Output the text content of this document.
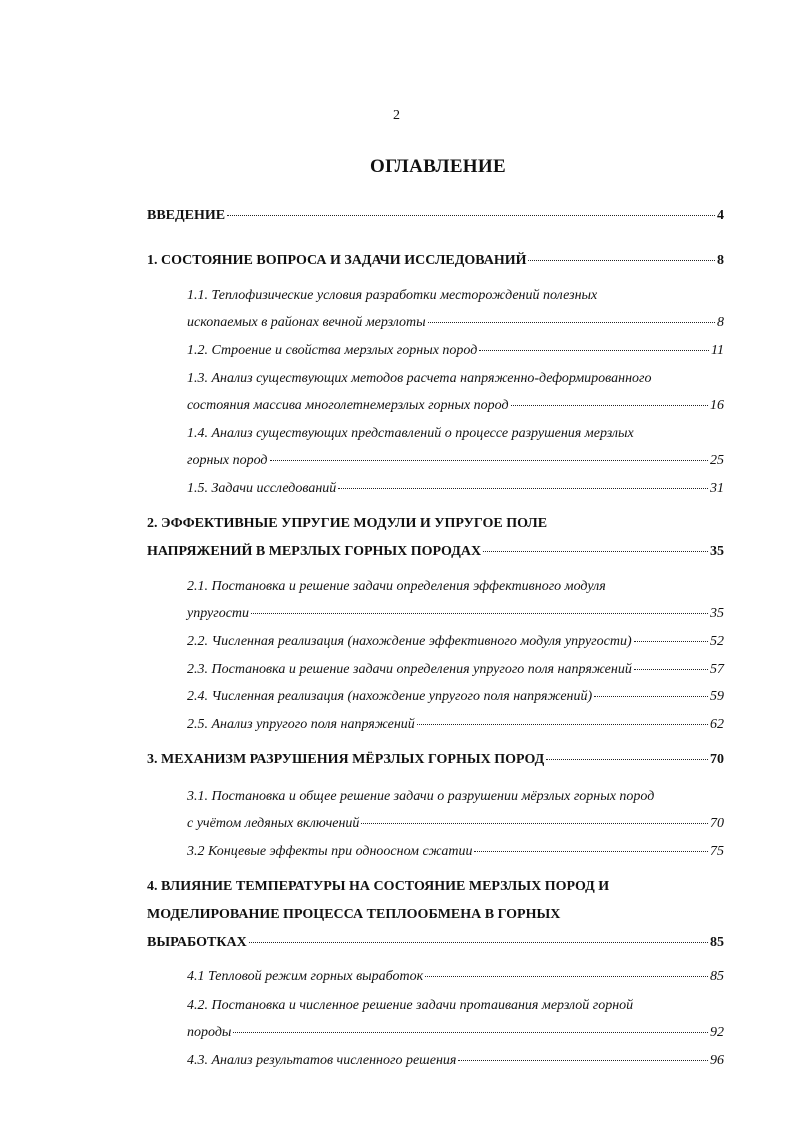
2
ОГЛАВЛЕНИЕ
ВВЕДЕНИЕ	4
1. СОСТОЯНИЕ ВОПРОСА И ЗАДАЧИ ИССЛЕДОВАНИЙ	8
1.1. Теплофизические условия разработки месторождений полезных
ископаемых в районах вечной мерзлоты	8
1.2. Строение и свойства мерзлых горных пород	11
1.3. Анализ существующих методов расчета напряженно-деформированного
состояния массива многолетнемерзлых горных пород	16
1.4. Анализ существующих представлений о процессе разрушения мерзлых
горных пород	25
1.5. Задачи исследований	31
2. ЭФФЕКТИВНЫЕ УПРУГИЕ МОДУЛИ И УПРУГОЕ ПОЛЕ
НАПРЯЖЕНИЙ В МЕРЗЛЫХ ГОРНЫХ ПОРОДАХ	35
2.1. Постановка и решение задачи определения эффективного модуля
упругости	35
2.2. Численная реализация (нахождение эффективного модуля упругости)	52
2.3. Постановка и решение задачи определения упругого поля напряжений	57
2.4. Численная реализация (нахождение упругого поля напряжений)	59
2.5. Анализ упругого поля напряжений	62
3. МЕХАНИЗМ РАЗРУШЕНИЯ МЁРЗЛЫХ ГОРНЫХ ПОРОД	70
3.1. Постановка и общее решение задачи о разрушении мёрзлых горных пород
с учётом ледяных включений	70
3.2 Концевые эффекты при одноосном сжатии	75
4. ВЛИЯНИЕ ТЕМПЕРАТУРЫ НА СОСТОЯНИЕ МЕРЗЛЫХ ПОРОД И
МОДЕЛИРОВАНИЕ ПРОЦЕССА ТЕПЛООБМЕНА В ГОРНЫХ
ВЫРАБОТКАХ	85
4.1 Тепловой режим горных выработок	85
4.2. Постановка и численное решение задачи протаивания мерзлой горной
породы	92
4.3. Анализ результатов численного решения	96
